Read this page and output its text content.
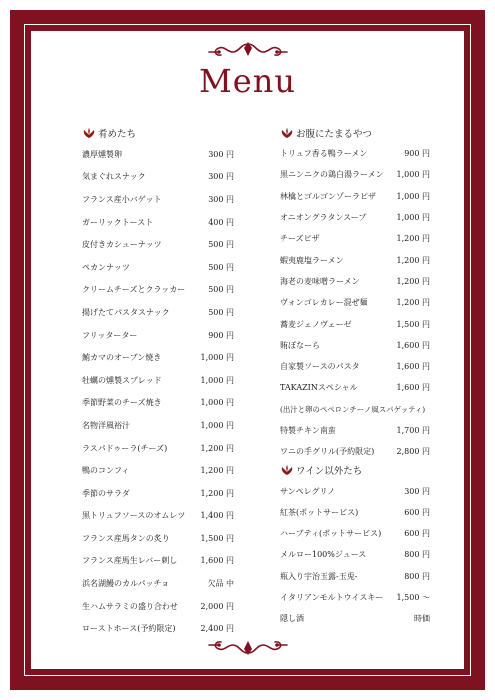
Menu
肴めたち
濃厚燻製卵	300 円
気まぐれスナック	300 円
フランス産小バゲット	300 円
ガーリックトースト	400 円
皮付きカシューナッツ	500 円
ペカンナッツ	500 円
クリームチーズとクラッカー	500 円
揚げたてパスタスナック	500 円
フリッターター	900 円
鮪カマのオーブン焼き	1,000 円
牡蠣の燻製スプレッド	1,000 円
季節野菜のチーズ焼き	1,000 円
名物洋風裕汁	1,000 円
ラスパドゥーラ(チーズ)	1,200 円
鴨のコンフィ	1,200 円
季節のサラダ	1,200 円
黒トリュフソースのオムレツ 1,400 円
フランス産馬タンの炙り	1,500 円
フランス産馬生レバー刺し	1,600 円
浜名湖鰻のカルパッチョ	欠品 中
生ハムサラミの盛り合わせ	2,000 円
ローストホース(予約限定)	2,400 円
お腹にたまるやつ
トリュフ香る鴨ラーメン	900 円
黒ニンニクの鶏白湯ラーメン 1,000 円
林檎とゴルゴンゾーラピザ	1,000 円
オニオングラタンスープ	1,000 円
チーズピザ	1,200 円
蝦夷鹿塩ラーメン	1,200 円
海老の麦味噌ラーメン	1,200 円
ヴォンゴレカレー混ぜ麺	1,200 円
蕎麦ジェノヴェーゼ	1,500 円
賄ぼなーら	1,600 円
自家製ソースのパスタ	1,600 円
TAKAZINスペシャル	1,600 円
(出汁と卵のペペロンチーノ風スパゲッティ)
特製チキン南蛮	1,700 円
ワニの手グリル(予約限定)	2,800 円
ワイン以外たち
サンペレグリノ	300 円
紅茶(ポットサービス)	600 円
ハーブティ(ポットサービス)	600 円
メルロー100%ジュース	800 円
瓶入り宇治玉露-玉兎-	800 円
イタリアンモルトウイスキー 1,500 〜
隠し酒	時価
